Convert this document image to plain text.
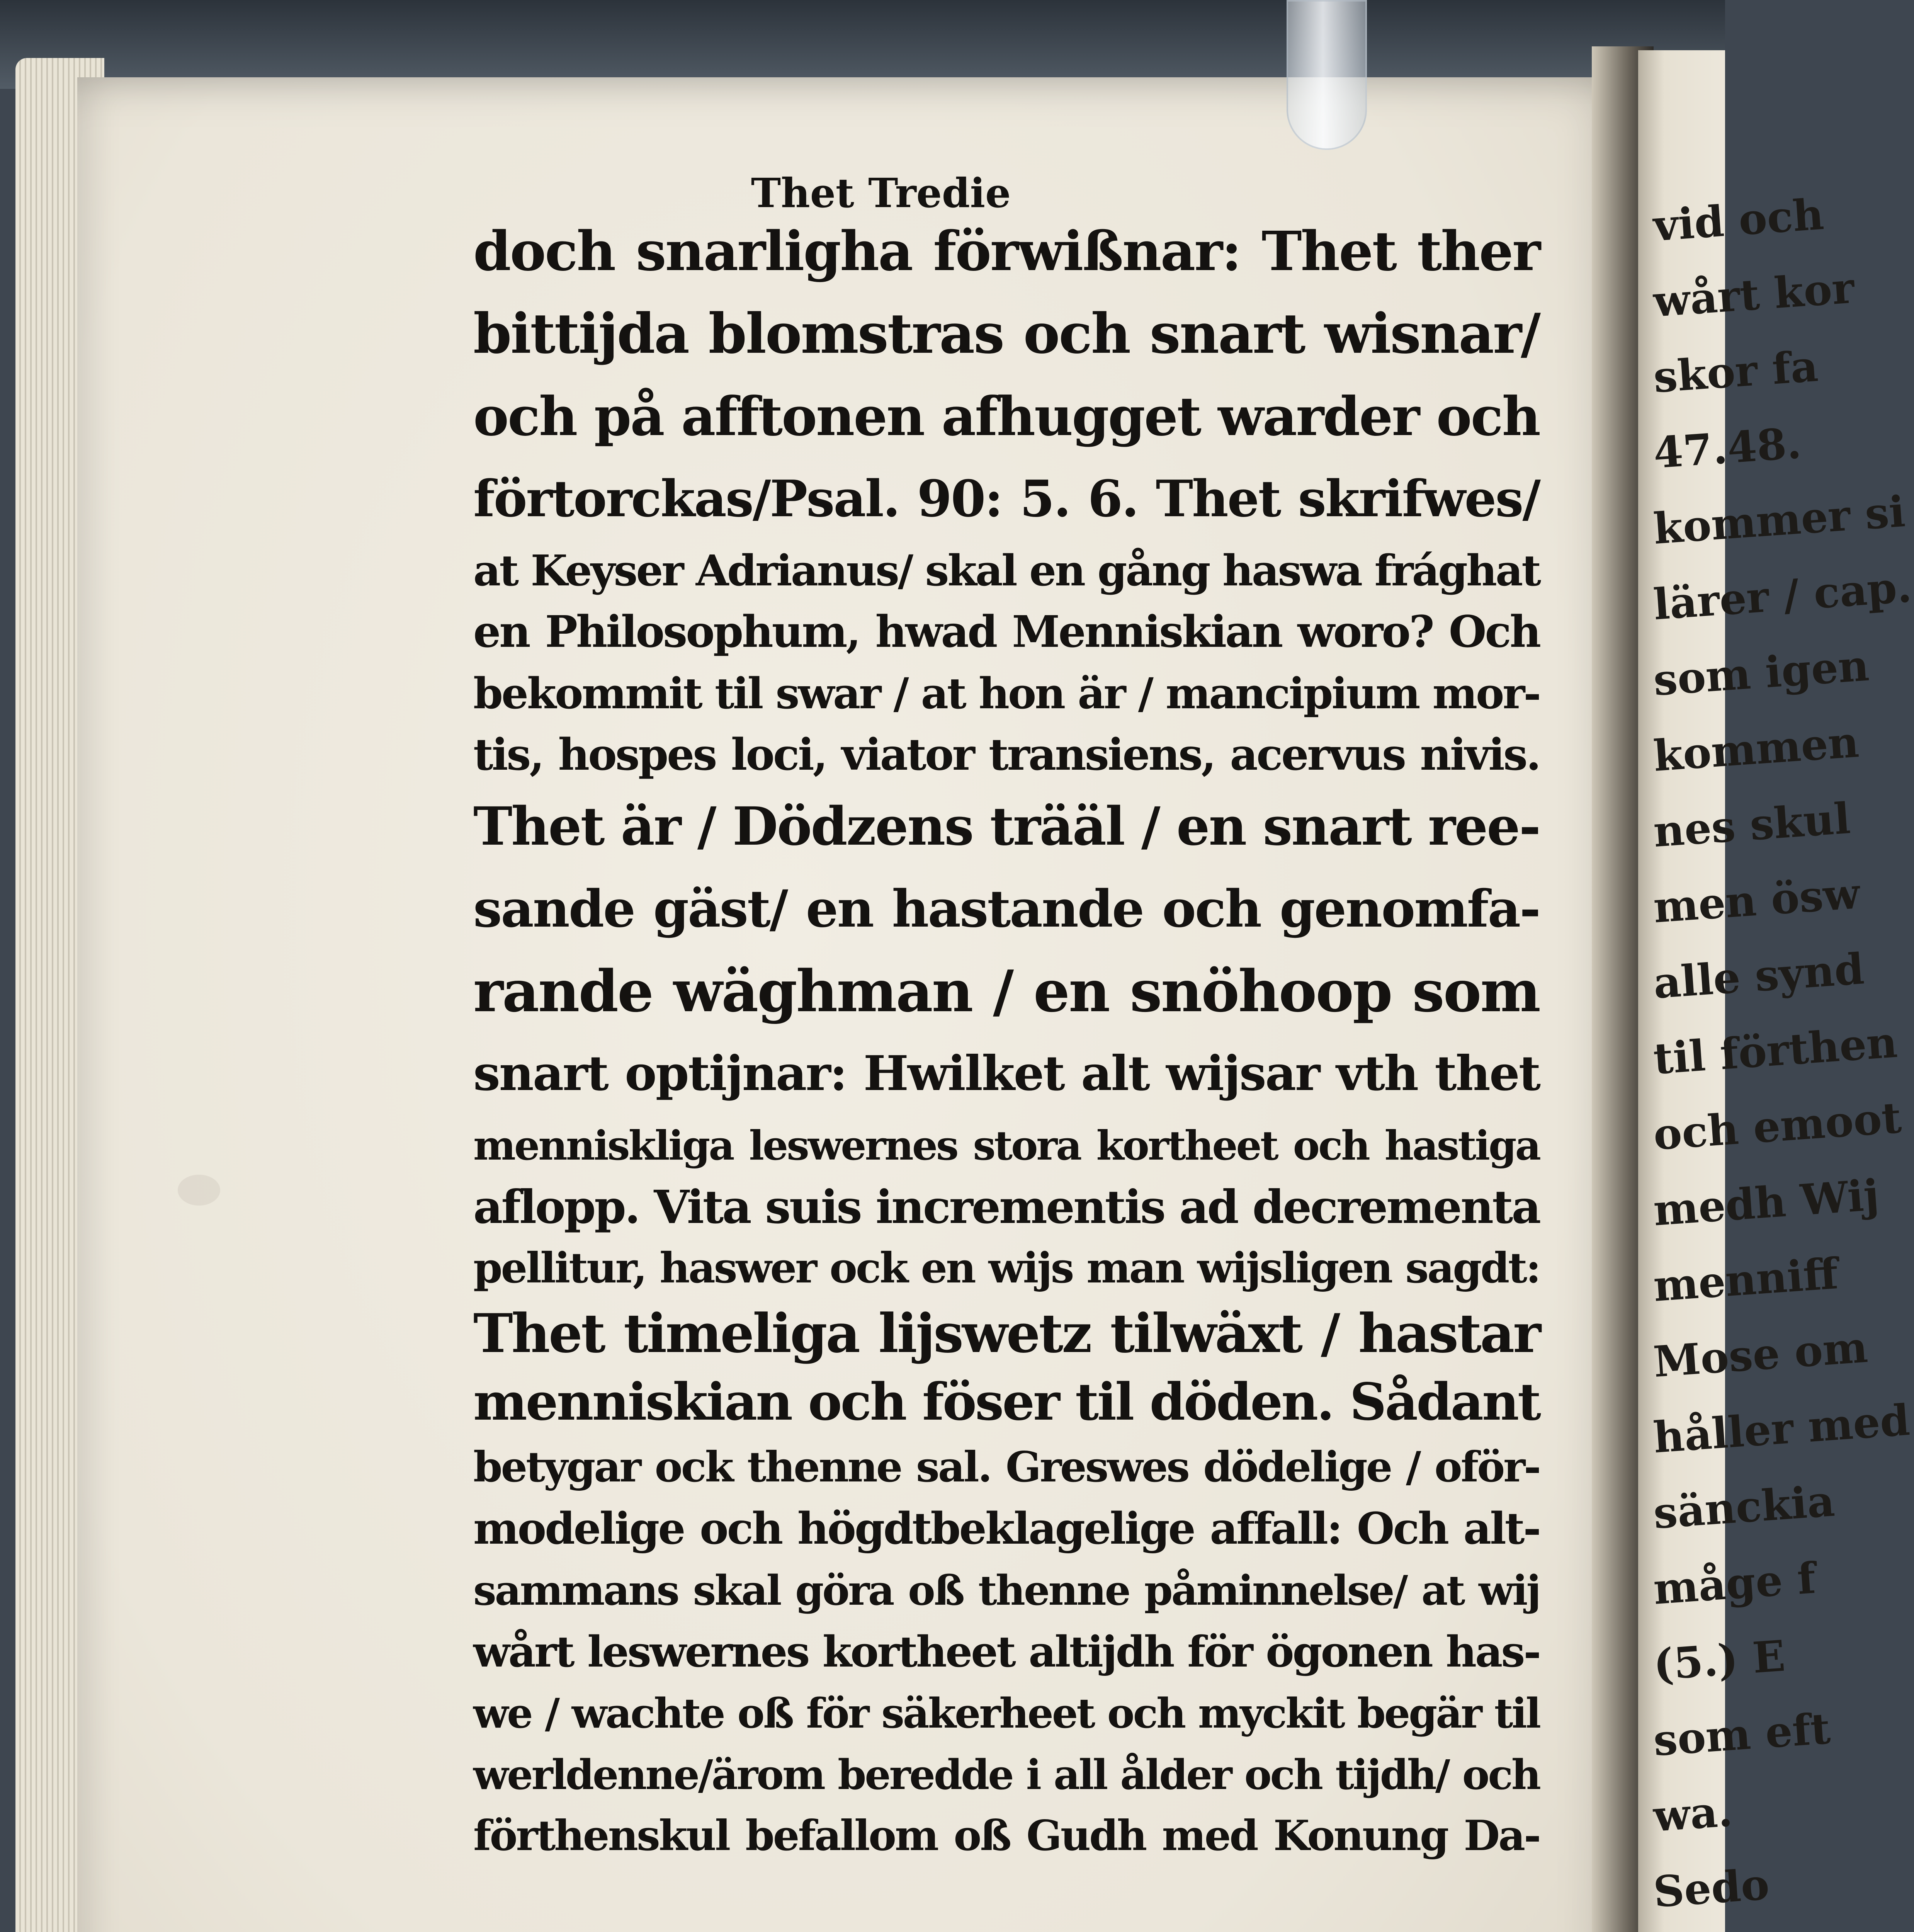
vid och
wårt kor
skor fa
47.48.
kommer si
lärer / cap.
som igen
kommen
nes skul
men ösw
alle synd
til förthen
och emoot
medh Wij
menniff
Mose om
håller med
sänckia
måge f
(5.) E
som eft
wa.
Sedo
Thet Tredie
doch snarligha förwißnar: Thet ther
bittijda blomstras och snart wisnar/
och på afftonen afhugget warder och
förtorckas/Psal. 90: 5. 6. Thet skrifwes/
at Keyser Adrianus/ skal en gång haswa frághat
en Philosophum, hwad Menniskian woro? Och
bekommit til swar / at hon är / mancipium mor-
tis, hospes loci, viator transiens, acervus nivis.
Thet är / Dödzens trääl / en snart ree-
sande gäst/ en hastande och genomfa-
rande wäghman / en snöhoop som
snart optijnar: Hwilket alt wijsar vth thet
menniskliga leswernes stora kortheet och hastiga
aflopp. Vita suis incrementis ad decrementa
pellitur, haswer ock en wijs man wijsligen sagdt:
Thet timeliga lijswetz tilwäxt / hastar
menniskian och föser til döden. Sådant
betygar ock thenne sal. Greswes dödelige / oför-
modelige och högdtbeklagelige affall: Och alt-
sammans skal göra oß thenne påminnelse/ at wij
wårt leswernes kortheet altijdh för ögonen has-
we / wachte oß för säkerheet och myckit begär til
werldenne/ärom beredde i all ålder och tijdh/ och
förthenskul befallom oß Gudh med Konung Da-
